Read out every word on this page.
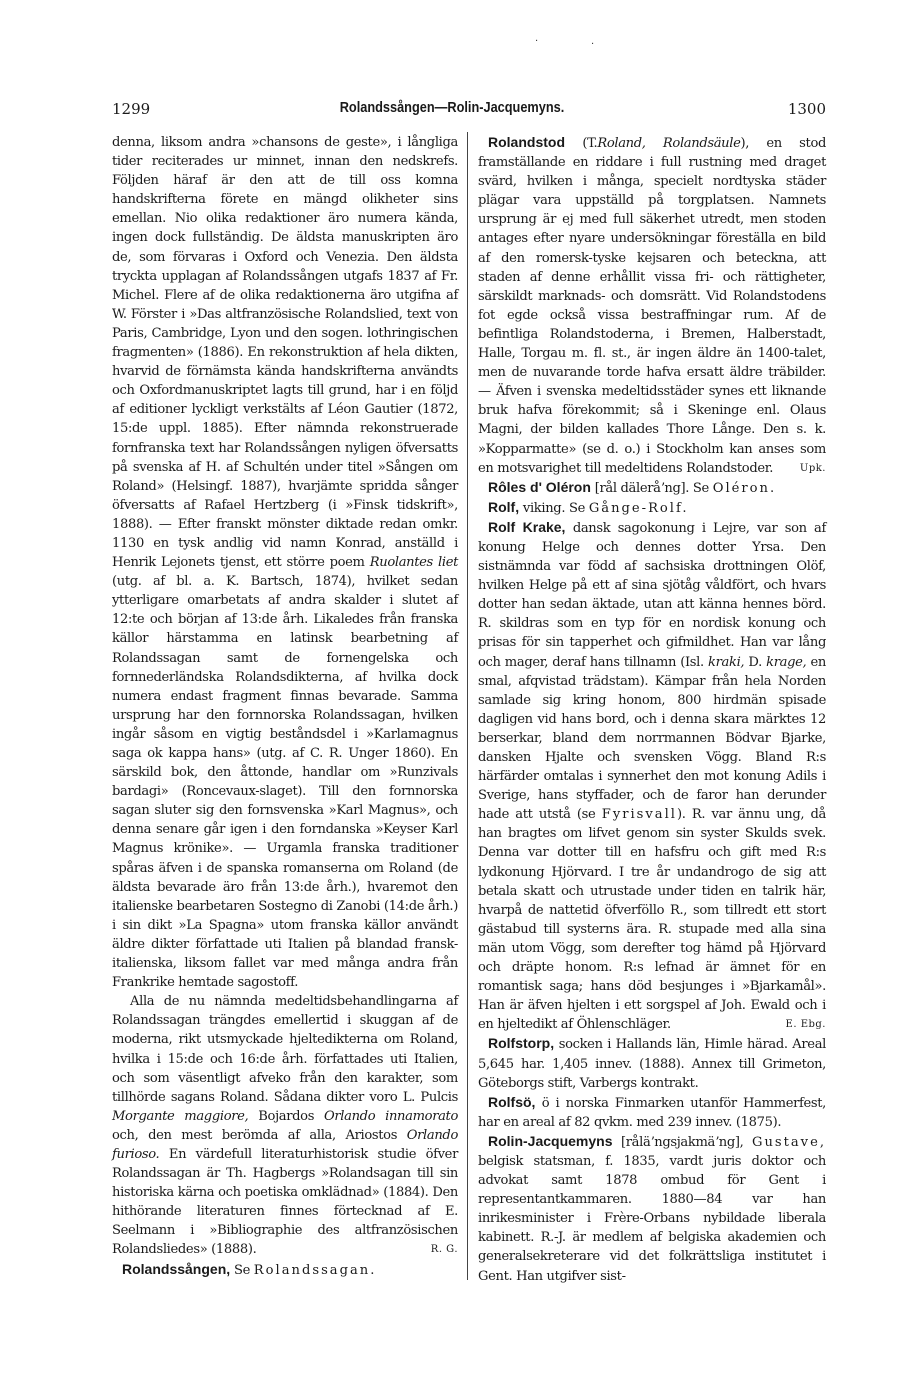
·	·
1299	Rolandssången—Rolin-Jacquemyns.	1300

denna, liksom andra »chansons de geste», i långliga tider reciterades ur minnet, innan den nedskrefs. Följden häraf är den att de till oss komna handskrifterna förete en mängd olikheter sins emellan. Nio olika redaktioner äro numera kända, ingen dock fullständig. De äldsta manuskripten äro de, som förvaras i Oxford och Venezia. Den äldsta tryckta upplagan af Rolandssången utgafs 1837 af Fr. Michel. Flere af de olika redaktionerna äro utgifna af W. Förster i »Das altfranzösische Rolandslied, text von Paris, Cambridge, Lyon und den sogen. lothringischen fragmenten» (1886). En rekonstruktion af hela dikten, hvarvid de förnämsta kända handskrifterna användts och Oxfordmanuskriptet lagts till grund, har i en följd af editioner lyckligt verkstälts af Léon Gautier (1872, 15:de uppl. 1885). Efter nämnda rekonstruerade fornfranska text har Rolandssången nyligen öfversatts på svenska af H. af Schultén under titel »Sången om Roland» (Helsingf. 1887), hvarjämte spridda sånger öfversatts af Rafael Hertzberg (i »Finsk tidskrift», 1888). — Efter franskt mönster diktade redan omkr. 1130 en tysk andlig vid namn Konrad, anställd i Henrik Lejonets tjenst, ett större poem Ruolantes liet (utg. af bl. a. K. Bartsch, 1874), hvilket sedan ytterligare omarbetats af andra skalder i slutet af 12:te och början af 13:de årh. Likaledes från franska källor härstamma en latinsk bearbetning af Rolandssagan samt de fornengelska och fornnederländska Rolandsdikterna, af hvilka dock numera endast fragment finnas bevarade. Samma ursprung har den fornnorska Rolandssagan, hvilken ingår såsom en vigtig beståndsdel i »Karlamagnus saga ok kappa hans» (utg. af C. R. Unger 1860). En särskild bok, den åttonde, handlar om »Runzivals bardagi» (Roncevaux-slaget). Till den fornnorska sagan sluter sig den fornsvenska »Karl Magnus», och denna senare går igen i den forndanska »Keyser Karl Magnus krönike». — Urgamla franska traditioner spåras äfven i de spanska romanserna om Roland (de äldsta bevarade äro från 13:de årh.), hvaremot den italienske bearbetaren Sostegno di Zanobi (14:de årh.) i sin dikt »La Spagna» utom franska källor användt äldre dikter författade uti Italien på blandad fransk-italienska, liksom fallet var med många andra från Frankrike hemtade sagostoff.

Alla de nu nämnda medeltidsbehandlingarna af Rolandssagan trängdes emellertid i skuggan af de moderna, rikt utsmyckade hjeltedikterna om Roland, hvilka i 15:de och 16:de årh. författades uti Italien, och som väsentligt afveko från den karakter, som tillhörde sagans Roland. Sådana dikter voro L. Pulcis Morgante maggiore, Bojardos Orlando innamorato och, den mest berömda af alla, Ariostos Orlando furioso. En värdefull literaturhistorisk studie öfver Rolandssagan är Th. Hagbergs »Rolandsagan till sin historiska kärna och poetiska omklädnad» (1884). Den hithörande literaturen finnes förtecknad af E. Seelmann i »Bibliographie des altfranzösischen Rolandsliedes» (1888).	R. G.

Rolandssången, Se Rolandssagan.

Rolandstod (T.Roland, Rolandsäule), en stod framställande en riddare i full rustning med draget svärd, hvilken i många, specielt nordtyska städer plägar vara uppställd på torgplatsen. Namnets ursprung är ej med full säkerhet utredt, men stoden antages efter nyare undersökningar föreställa en bild af den romersk-tyske kejsaren och beteckna, att staden af denne erhållit vissa fri- och rättigheter, särskildt marknads- och domsrätt. Vid Rolandstodens fot egde också vissa bestraffningar rum. Af de befintliga Rolandstoderna, i Bremen, Halberstadt, Halle, Torgau m. fl. st., är ingen äldre än 1400-talet, men de nuvarande torde hafva ersatt äldre träbilder. — Äfven i svenska medeltidsstäder synes ett liknande bruk hafva förekommit; så i Skeninge enl. Olaus Magni, der bilden kallades Thore Långe. Den s. k. »Kopparmatte» (se d. o.) i Stockholm kan anses som en motsvarighet till medeltidens Rolandstoder.	Upk.

Rôles d' Oléron [rål däleråʼng]. Se Oléron.

Rolf, viking. Se Gånge-Rolf.

Rolf Krake, dansk sagokonung i Lejre, var son af konung Helge och dennes dotter Yrsa. Den sistnämnda var född af sachsiska drottningen Olöf, hvilken Helge på ett af sina sjötåg våldfört, och hvars dotter han sedan äktade, utan att känna hennes börd. R. skildras som en typ för en nordisk konung och prisas för sin tapperhet och gifmildhet. Han var lång och mager, deraf hans tillnamn (Isl. kraki, D. krage, en smal, afqvistad trädstam). Kämpar från hela Norden samlade sig kring honom, 800 hirdmän spisade dagligen vid hans bord, och i denna skara märktes 12 berserkar, bland dem norrmannen Bödvar Bjarke, dansken Hjalte och svensken Vögg. Bland R:s härfärder omtalas i synnerhet den mot konung Adils i Sverige, hans styffader, och de faror han derunder hade att utstå (se Fyrisvall). R. var ännu ung, då han bragtes om lifvet genom sin syster Skulds svek. Denna var dotter till en hafsfru och gift med R:s lydkonung Hjörvard. I tre år undandrogo de sig att betala skatt och utrustade under tiden en talrik här, hvarpå de nattetid öfverföllo R., som tillredt ett stort gästabud till systerns ära. R. stupade med alla sina män utom Vögg, som derefter tog hämd på Hjörvard och dräpte honom. R:s lefnad är ämnet för en romantisk saga; hans död besjunges i »Bjarkamål». Han är äfven hjelten i ett sorgspel af Joh. Ewald och i en hjeltedikt af Öhlenschläger.	E. Ebg.

Rolfstorp, socken i Hallands län, Himle härad. Areal 5,645 har. 1,405 innev. (1888). Annex till Grimeton, Göteborgs stift, Varbergs kontrakt.

Rolfsö, ö i norska Finmarken utanför Hammerfest, har en areal af 82 qvkm. med 239 innev. (1875).

Rolin-Jacquemyns [råläʼngsjakmäʼng], Gustave, belgisk statsman, f. 1835, vardt juris doktor och advokat samt 1878 ombud för Gent i representantkammaren. 1880—84 var han inrikesminister i Frère-Orbans nybildade liberala kabinett. R.-J. är medlem af belgiska akademien och generalsekreterare vid det folkrättsliga institutet i Gent. Han utgifver sist-
